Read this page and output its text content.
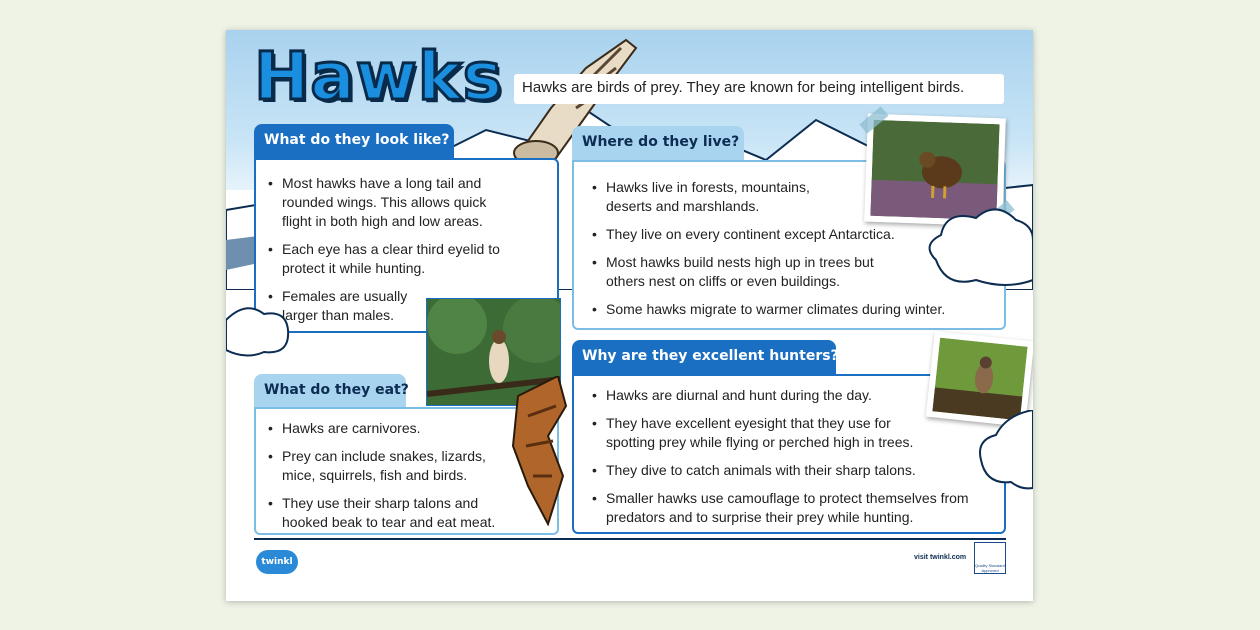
Hawks	Hawks are birds of prey. They are known for being intelligent birds.
What do they look like?
• Most hawks have a long tail and rounded wings. This allows quick flight in both high and low areas.
• Each eye has a clear third eyelid to protect it while hunting.
• Females are usually larger than males.
What do they eat?
• Hawks are carnivores.
• Prey can include snakes, lizards, mice, squirrels, fish and birds.
• They use their sharp talons and hooked beak to tear and eat meat.
Where do they live?
• Hawks live in forests, mountains, deserts and marshlands.
• They live on every continent except Antarctica.
• Most hawks build nests high up in trees but others nest on cliffs or even buildings.
• Some hawks migrate to warmer climates during winter.
Why are they excellent hunters?
• Hawks are diurnal and hunt during the day.
• They have excellent eyesight that they use for spotting prey while flying or perched high in trees.
• They dive to catch animals with their sharp talons.
• Smaller hawks use camouflage to protect themselves from predators and to surprise their prey while hunting.
twinkl	visit twinkl.com
Quality Standard Approved
